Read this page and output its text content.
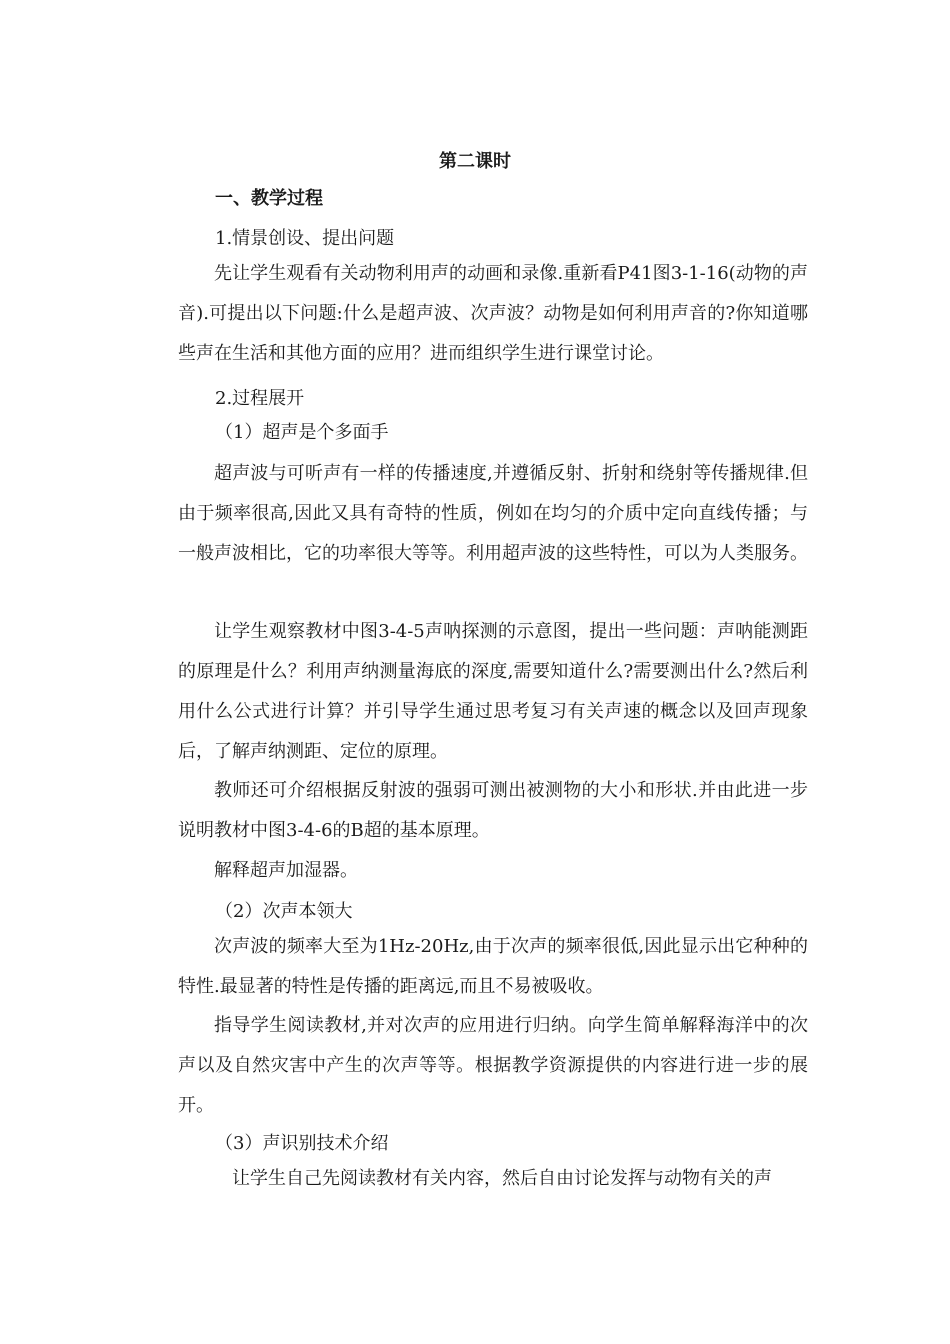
第二课时
一、教学过程
1.情景创设、提出问题

先让学生观看有关动物利用声的动画和录像.重新看P41图3-1-16(动物的声音).可提出以下问题:什么是超声波、次声波？动物是如何利用声音的?你知道哪些声在生活和其他方面的应用？进而组织学生进行课堂讨论。

2.过程展开
（1）超声是个多面手

超声波与可听声有一样的传播速度,并遵循反射、折射和绕射等传播规律.但由于频率很高,因此又具有奇特的性质，例如在均匀的介质中定向直线传播；与一般声波相比，它的功率很大等等。利用超声波的这些特性，可以为人类服务。

让学生观察教材中图3-4-5声呐探测的示意图，提出一些问题：声呐能测距的原理是什么？利用声纳测量海底的深度,需要知道什么?需要测出什么?然后利用什么公式进行计算？并引导学生通过思考复习有关声速的概念以及回声现象后，了解声纳测距、定位的原理。

教师还可介绍根据反射波的强弱可测出被测物的大小和形状.并由此进一步说明教材中图3-4-6的B超的基本原理。

解释超声加湿器。

（2）次声本领大

次声波的频率大至为1Hz-20Hz,由于次声的频率很低,因此显示出它种种的特性.最显著的特性是传播的距离远,而且不易被吸收。

指导学生阅读教材,并对次声的应用进行归纳。向学生简单解释海洋中的次声以及自然灾害中产生的次声等等。根据教学资源提供的内容进行进一步的展开。

（3）声识别技术介绍

让学生自己先阅读教材有关内容，然后自由讨论发挥与动物有关的声
